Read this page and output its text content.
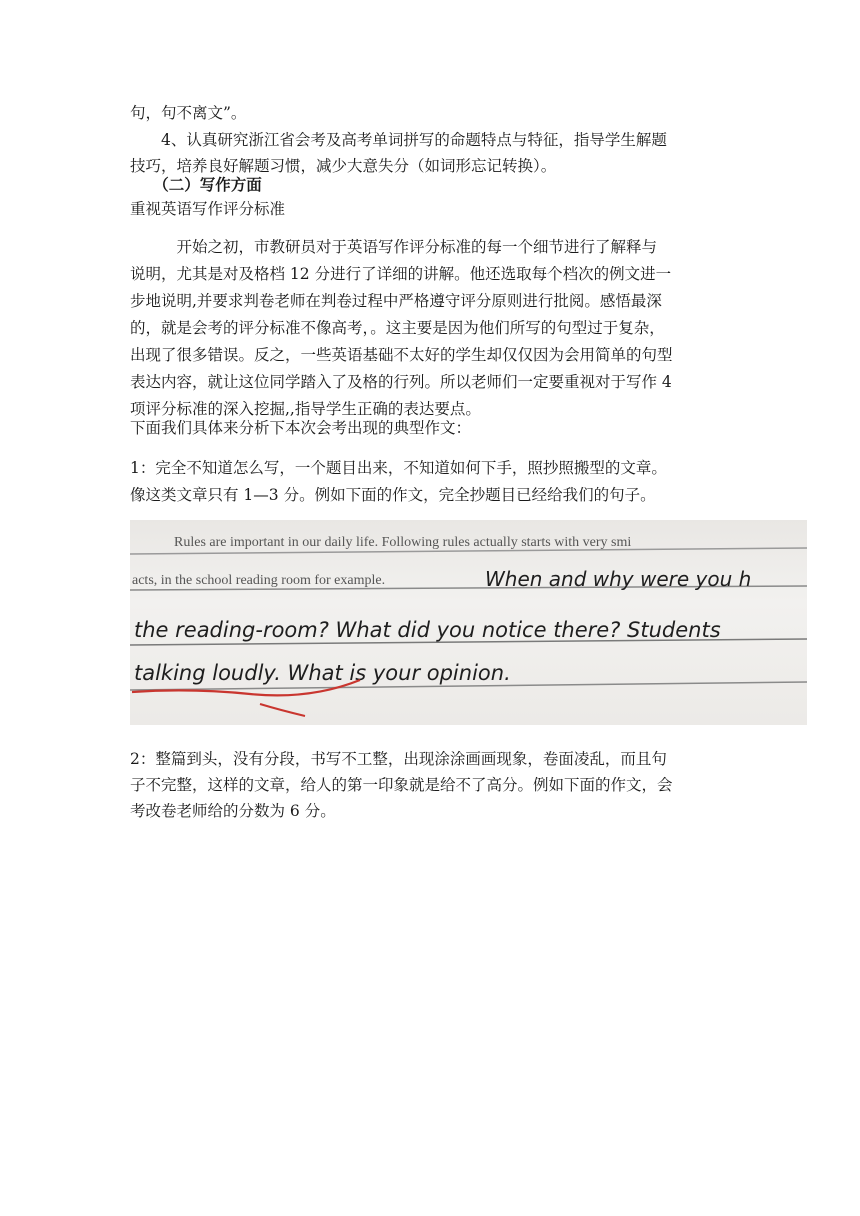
句，句不离文”。
　　4、认真研究浙江省会考及高考单词拼写的命题特点与特征，指导学生解题
技巧，培养良好解题习惯，减少大意失分（如词形忘记转换）。
　　（二）写作方面
重视英语写作评分标准
　　　开始之初，市教研员对于英语写作评分标准的每一个细节进行了解释与
说明，尤其是对及格档 12 分进行了详细的讲解。他还选取每个档次的例文进一
步地说明,并要求判卷老师在判卷过程中严格遵守评分原则进行批阅。感悟最深
的，就是会考的评分标准不像高考，。这主要是因为他们所写的句型过于复杂，
出现了很多错误。反之，一些英语基础不太好的学生却仅仅因为会用简单的句型
表达内容，就让这位同学踏入了及格的行列。所以老师们一定要重视对于写作 4
项评分标准的深入挖掘,,指导学生正确的表达要点。
下面我们具体来分析下本次会考出现的典型作文：
1：完全不知道怎么写，一个题目出来，不知道如何下手，照抄照搬型的文章。
像这类文章只有 1—3 分。例如下面的作文，完全抄题目已经给我们的句子。
Rules are important in our daily life. Following rules actually starts with very smi
acts, in the school reading room for example.	When and why were you h
the reading-room? What did you notice there? Students
talking loudly. What is your opinion.
2：整篇到头，没有分段，书写不工整，出现涂涂画画现象，卷面凌乱，而且句
子不完整，这样的文章，给人的第一印象就是给不了高分。例如下面的作文，会
考改卷老师给的分数为 6 分。
